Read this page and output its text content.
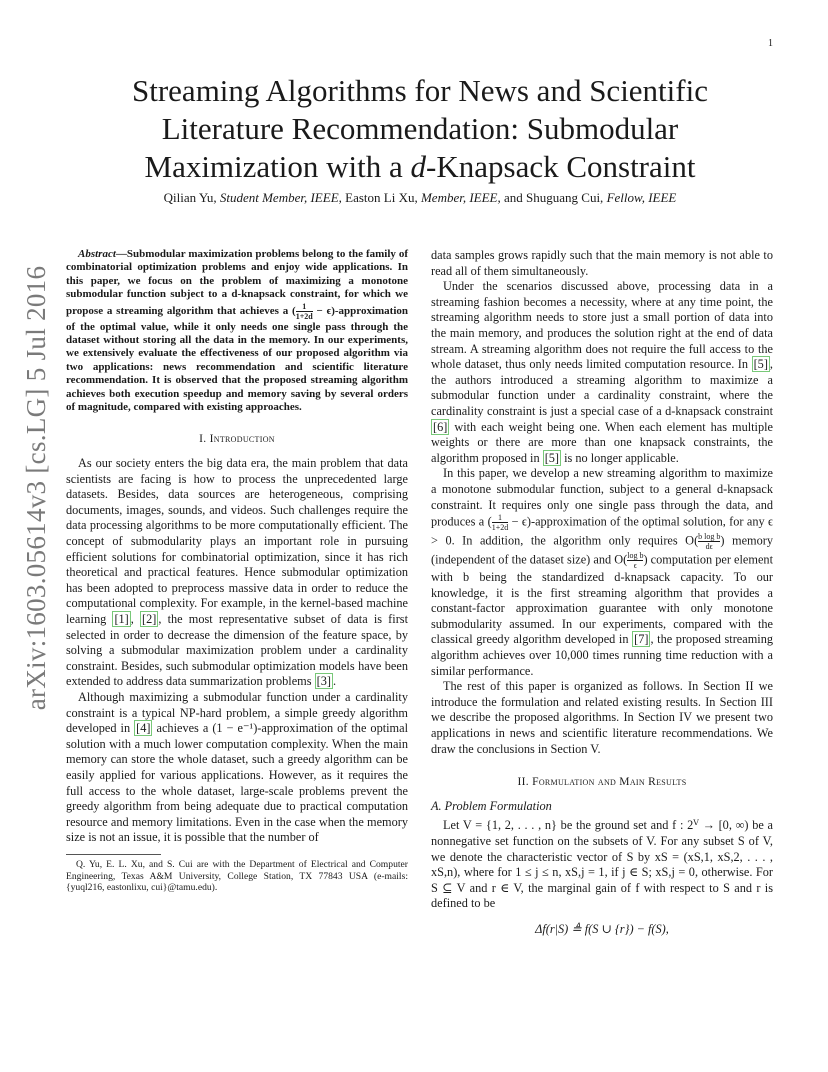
1
arXiv:1603.05614v3 [cs.LG] 5 Jul 2016
Streaming Algorithms for News and Scientific
Literature Recommendation: Submodular
Maximization with a d-Knapsack Constraint
Qilian Yu, Student Member, IEEE, Easton Li Xu, Member, IEEE, and Shuguang Cui, Fellow, IEEE

Abstract—Submodular maximization problems belong to the family of combinatorial optimization problems and enjoy wide applications. In this paper, we focus on the problem of maximizing a monotone submodular function subject to a d-knapsack constraint, for which we propose a streaming algorithm that achieves a ( $\frac{1}{1+2d}$ − ϵ)-approximation of the optimal value, while it only needs one single pass through the dataset without storing all the data in the memory. In our experiments, we extensively evaluate the effectiveness of our proposed algorithm via two applications: news recommendation and scientific literature recommendation. It is observed that the proposed streaming algorithm achieves both execution speedup and memory saving by several orders of magnitude, compared with existing approaches.

I. Introduction

As our society enters the big data era, the main problem that data scientists are facing is how to process the unprecedented large datasets. Besides, data sources are heterogeneous, comprising documents, images, sounds, and videos. Such challenges require the data processing algorithms to be more computationally efficient. The concept of submodularity plays an important role in pursuing efficient solutions for combinatorial optimization, since it has rich theoretical and practical features. Hence submodular optimization has been adopted to preprocess massive data in order to reduce the computational complexity. For example, in the kernel-based machine learning [1] , [2] , the most representative subset of data is first selected in order to decrease the dimension of the feature space, by solving a submodular maximization problem under a cardinality constraint. Besides, such submodular optimization models have been extended to address data summarization problems [3] .

Although maximizing a submodular function under a cardinality constraint is a typical NP-hard problem, a simple greedy algorithm developed in [4] achieves a (1 − e⁻¹)-approximation of the optimal solution with a much lower computation complexity. When the main memory can store the whole dataset, such a greedy algorithm can be easily applied for various applications. However, as it requires the full access to the whole dataset, large-scale problems prevent the greedy algorithm from being adequate due to practical computation resource and memory limitations. Even in the case when the memory size is not an issue, it is possible that the number of

Q. Yu, E. L. Xu, and S. Cui are with the Department of Electrical and Computer Engineering, Texas A&M University, College Station, TX 77843 USA (e-mails: {yuql216, eastonlixu, cui}@tamu.edu).

data samples grows rapidly such that the main memory is not able to read all of them simultaneously.

Under the scenarios discussed above, processing data in a streaming fashion becomes a necessity, where at any time point, the streaming algorithm needs to store just a small portion of data into the main memory, and produces the solution right at the end of data stream. A streaming algorithm does not require the full access to the whole dataset, thus only needs limited computation resource. In [5] , the authors introduced a streaming algorithm to maximize a submodular function under a cardinality constraint, where the cardinality constraint is just a special case of a d-knapsack constraint [6] with each weight being one. When each element has multiple weights or there are more than one knapsack constraints, the algorithm proposed in [5] is no longer applicable.

In this paper, we develop a new streaming algorithm to maximize a monotone submodular function, subject to a general d-knapsack constraint. It requires only one single pass through the data, and produces a ( $\frac{1}{1+2d}$ − ϵ)-approximation of the optimal solution, for any ϵ > 0. In addition, the algorithm only requires $O( \frac{\text{b log b}}{d\epsilon}$ ) memory (independent of the dataset size) and $O( \frac{\text{log b}}{\epsilon}$ ) computation per element with b being the standardized d-knapsack capacity. To our knowledge, it is the first streaming algorithm that provides a constant-factor approximation guarantee with only monotone submodularity assumed. In our experiments, compared with the classical greedy algorithm developed in [7] , the proposed streaming algorithm achieves over 10,000 times running time reduction with a similar performance.

The rest of this paper is organized as follows. In Section II we introduce the formulation and related existing results. In Section III we describe the proposed algorithms. In Section IV we present two applications in news and scientific literature recommendations. We draw the conclusions in Section V.

II. Formulation and Main Results
A. Problem Formulation

Let V = {1, 2, . . . , n} be the ground set and f : 2ⱽ → [0, ∞) be a nonnegative set function on the subsets of V. For any subset S of V, we denote the characteristic vector of S by xS = (xS,1, xS,2, . . . , xS,n), where for 1 ≤ j ≤ n, xS,j = 1, if j ∈ S; xS,j = 0, otherwise. For S ⊆ V and r ∈ V, the marginal gain of f with respect to S and r is defined to be

Δf(r|S) ≜ f(S ∪ {r}) − f(S),
